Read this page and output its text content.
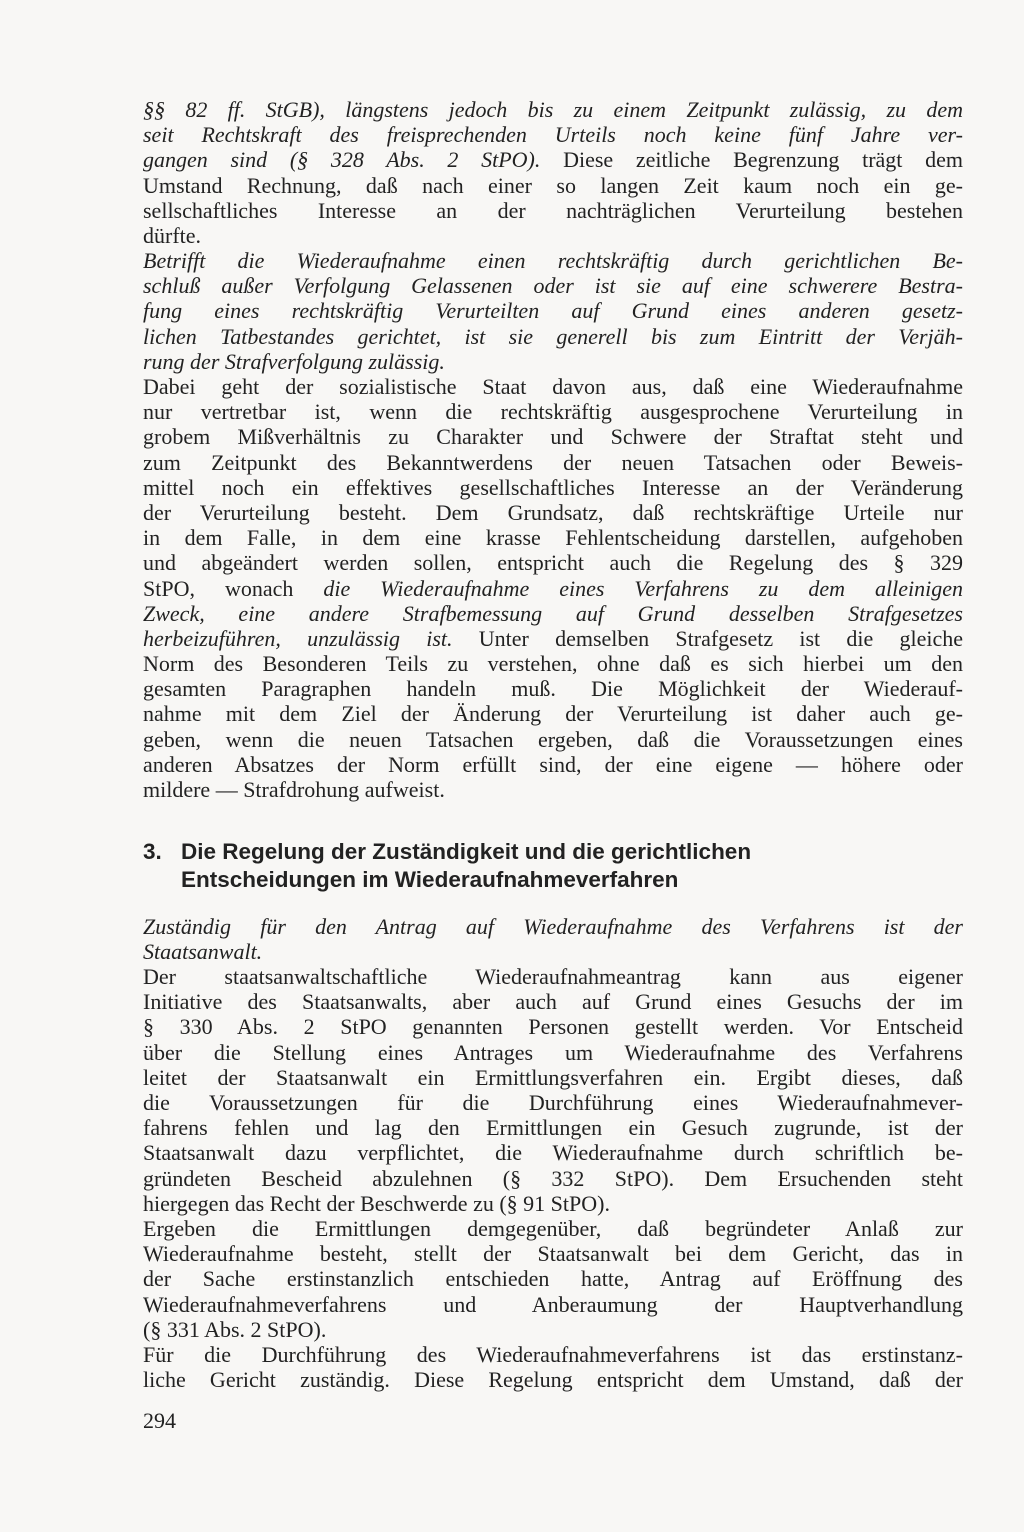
§§ 82 ff. StGB), längstens jedoch bis zu einem Zeitpunkt zulässig, zu dem
seit Rechtskraft des freisprechenden Urteils noch keine fünf Jahre ver-
gangen sind (§ 328 Abs. 2 StPO). Diese zeitliche Begrenzung trägt dem
Umstand Rechnung, daß nach einer so langen Zeit kaum noch ein ge-
sellschaftliches Interesse an der nachträglichen Verurteilung bestehen
dürfte.
Betrifft die Wiederaufnahme einen rechtskräftig durch gerichtlichen Be-
schluß außer Verfolgung Gelassenen oder ist sie auf eine schwerere Bestra-
fung eines rechtskräftig Verurteilten auf Grund eines anderen gesetz-
lichen Tatbestandes gerichtet, ist sie generell bis zum Eintritt der Verjäh-
rung der Strafverfolgung zulässig.
Dabei geht der sozialistische Staat davon aus, daß eine Wiederaufnahme
nur vertretbar ist, wenn die rechtskräftig ausgesprochene Verurteilung in
grobem Mißverhältnis zu Charakter und Schwere der Straftat steht und
zum Zeitpunkt des Bekanntwerdens der neuen Tatsachen oder Beweis-
mittel noch ein effektives gesellschaftliches Interesse an der Veränderung
der Verurteilung besteht. Dem Grundsatz, daß rechtskräftige Urteile nur
in dem Falle, in dem eine krasse Fehlentscheidung darstellen, aufgehoben
und abgeändert werden sollen, entspricht auch die Regelung des § 329
StPO, wonach die Wiederaufnahme eines Verfahrens zu dem alleinigen
Zweck, eine andere Strafbemessung auf Grund desselben Strafgesetzes
herbeizuführen, unzulässig ist. Unter demselben Strafgesetz ist die gleiche
Norm des Besonderen Teils zu verstehen, ohne daß es sich hierbei um den
gesamten Paragraphen handeln muß. Die Möglichkeit der Wiederauf-
nahme mit dem Ziel der Änderung der Verurteilung ist daher auch ge-
geben, wenn die neuen Tatsachen ergeben, daß die Voraussetzungen eines
anderen Absatzes der Norm erfüllt sind, der eine eigene — höhere oder
mildere — Strafdrohung aufweist.
3. Die Regelung der Zuständigkeit und die gerichtlichen
Entscheidungen im Wiederaufnahmeverfahren
Zuständig für den Antrag auf Wiederaufnahme des Verfahrens ist der
Staatsanwalt.
Der staatsanwaltschaftliche Wiederaufnahmeantrag kann aus eigener
Initiative des Staatsanwalts, aber auch auf Grund eines Gesuchs der im
§ 330 Abs. 2 StPO genannten Personen gestellt werden. Vor Entscheid
über die Stellung eines Antrages um Wiederaufnahme des Verfahrens
leitet der Staatsanwalt ein Ermittlungsverfahren ein. Ergibt dieses, daß
die Voraussetzungen für die Durchführung eines Wiederaufnahmever-
fahrens fehlen und lag den Ermittlungen ein Gesuch zugrunde, ist der
Staatsanwalt dazu verpflichtet, die Wiederaufnahme durch schriftlich be-
gründeten Bescheid abzulehnen (§ 332 StPO). Dem Ersuchenden steht
hiergegen das Recht der Beschwerde zu (§ 91 StPO).
Ergeben die Ermittlungen demgegenüber, daß begründeter Anlaß zur
Wiederaufnahme besteht, stellt der Staatsanwalt bei dem Gericht, das in
der Sache erstinstanzlich entschieden hatte, Antrag auf Eröffnung des
Wiederaufnahmeverfahrens und Anberaumung der Hauptverhandlung
(§ 331 Abs. 2 StPO).
Für die Durchführung des Wiederaufnahmeverfahrens ist das erstinstanz-
liche Gericht zuständig. Diese Regelung entspricht dem Umstand, daß der
294
